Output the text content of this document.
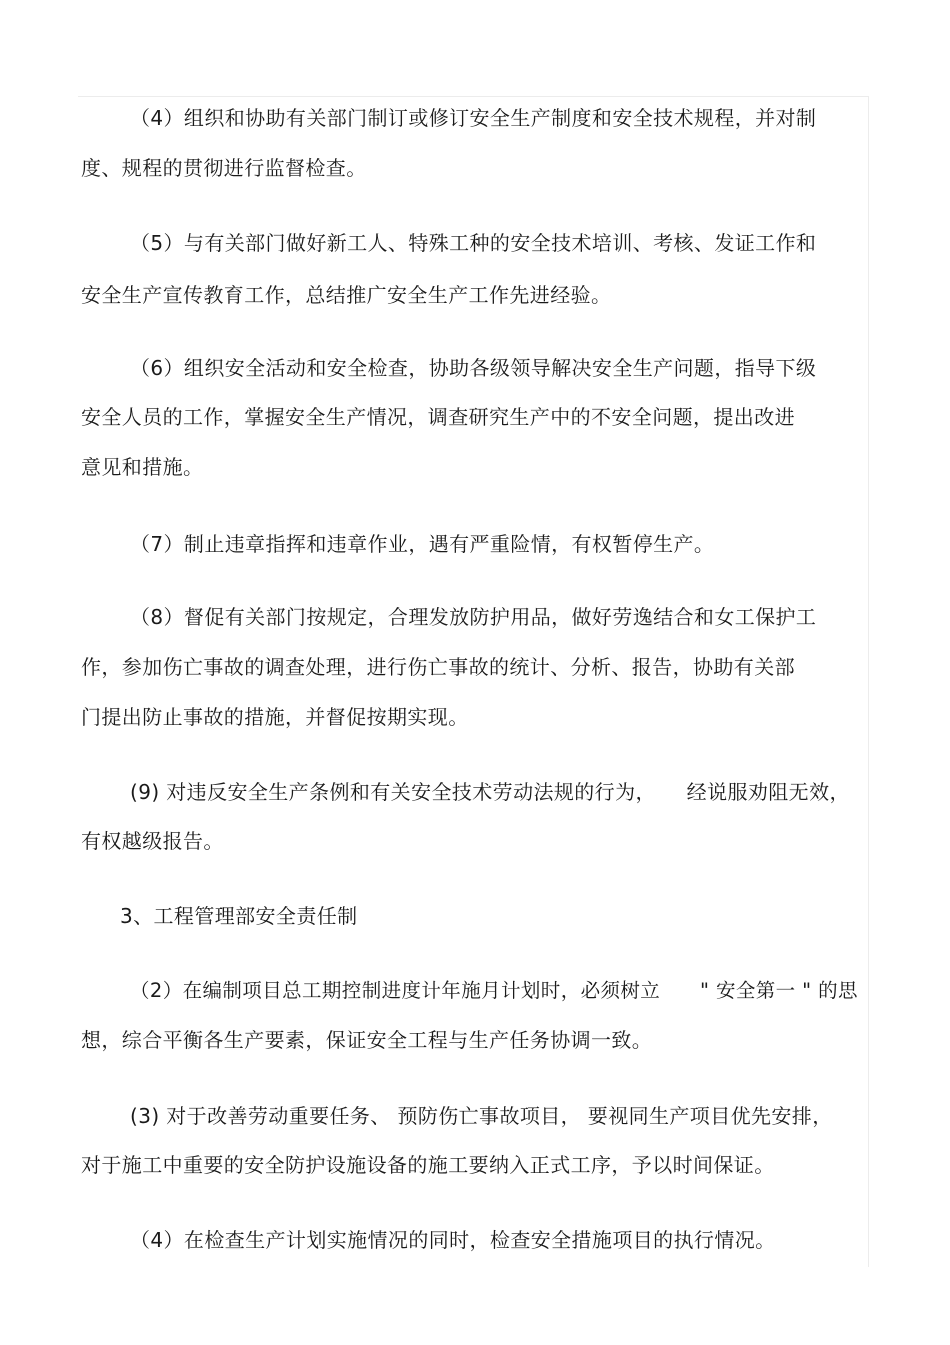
（4）组织和协助有关部门制订或修订安全生产制度和安全技术规程，并对制
度、规程的贯彻进行监督检查。
（5）与有关部门做好新工人、特殊工种的安全技术培训、考核、发证工作和
安全生产宣传教育工作，总结推广安全生产工作先进经验。
（6）组织安全活动和安全检查，协助各级领导解决安全生产问题，指导下级
安全人员的工作，掌握安全生产情况，调查研究生产中的不安全问题，提出改进
意见和措施。
（7）制止违章指挥和违章作业，遇有严重险情，有权暂停生产。
（8）督促有关部门按规定，合理发放防护用品，做好劳逸结合和女工保护工
作，参加伤亡事故的调查处理，进行伤亡事故的统计、分析、报告，协助有关部
门提出防止事故的措施，并督促按期实现。
(9) 对违反安全生产条例和有关安全技术劳动法规的行为，　　经说服劝阻无效，
有权越级报告。
3、工程管理部安全责任制
（2）在编制项目总工期控制进度计年施月计划时，必须树立　　" 安全第一 " 的思
想，综合平衡各生产要素，保证安全工程与生产任务协调一致。
(3) 对于改善劳动重要任务、 预防伤亡事故项目， 要视同生产项目优先安排，
对于施工中重要的安全防护设施设备的施工要纳入正式工序，予以时间保证。
（4）在检查生产计划实施情况的同时，检查安全措施项目的执行情况。
